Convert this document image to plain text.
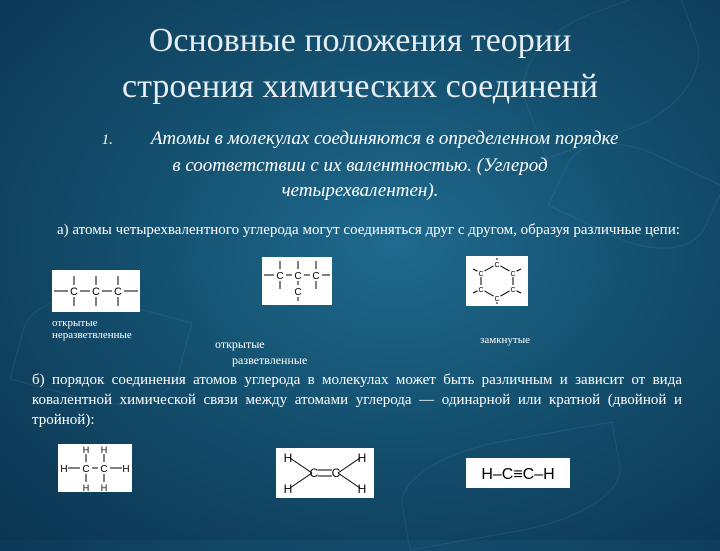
Основные положения теории
строения химических соединенй
1. Атомы в молекулах соединяются в определенном порядке в соответствии с их валентностью. (Углерод четырехвалентен).
а) атомы четырехвалентного углерода могут соединяться друг с другом, образуя различные цепи:
C C C
C C C
C
C
C
C
C
C
C
открытые неразветвленные
открытые
разветвленные
замкнутые
б) порядок соединения атомов углерода в молекулах может быть различным и зависит от вида ковалентной химической связи между атомами углерода — одинарной или кратной (двойной и тройной):
H C C H
H H
H H
H
H
C C
H
H
H–C≡C–H
